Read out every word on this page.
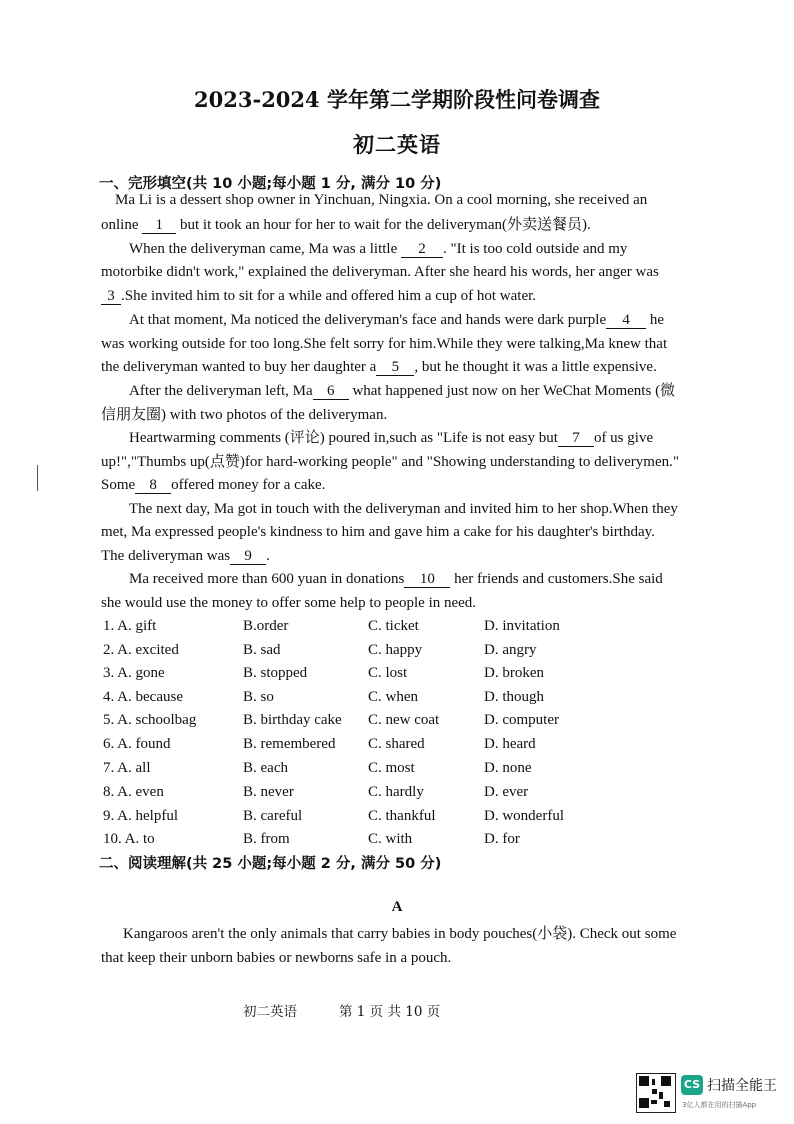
2023-2024 学年第二学期阶段性问卷调查
初二英语
一、完形填空(共 10 小题;每小题 1 分, 满分 10 分)
Ma Li is a dessert shop owner in Yinchuan, Ningxia. On a cool morning, she received an
online 1 but it took an hour for her to wait for the deliveryman(外卖送餐员).
When the deliveryman came, Ma was a little 2 . "It is too cold outside and my
motorbike didn't work," explained the deliveryman. After she heard his words, her anger was
3 .She invited him to sit for a while and offered him a cup of hot water.
At that moment, Ma noticed the deliveryman's face and hands were dark purple 4 he
was working outside for too long.She felt sorry for him.While they were talking,Ma knew that
the deliveryman wanted to buy her daughter a 5 , but he thought it was a little expensive.
After the deliveryman left, Ma 6 what happened just now on her WeChat Moments (微
信朋友圈) with two photos of the deliveryman.
Heartwarming comments (评论) poured in,such as "Life is not easy but 7 of us give
up!","Thumbs up(点赞)for hard-working people" and "Showing understanding to deliverymen."
Some 8 offered money for a cake.
The next day, Ma got in touch with the deliveryman and invited him to her shop.When they
met, Ma expressed people's kindness to him and gave him a cake for his daughter's birthday.
The deliveryman was 9 .
Ma received more than 600 yuan in donations 10 her friends and customers.She said
she would use the money to offer some help to people in need.
1. A. gift	B.order	C. ticket	D. invitation
2. A. excited	B. sad	C. happy	D. angry
3. A. gone	B. stopped	C. lost	D. broken
4. A. because	B. so	C. when	D. though
5. A. schoolbag	B. birthday cake C. new coat	D. computer
6. A. found	B. remembered C. shared	D. heard
7. A. all	B. each	C. most	D. none
8. A. even	B. never	C. hardly	D. ever
9. A. helpful	B. careful	C. thankful	D. wonderful
10. A. to	B. from	C. with	D. for
二、阅读理解(共 25 小题;每小题 2 分, 满分 50 分)
A
Kangaroos aren't the only animals that carry babies in body pouches(小袋). Check out some
that keep their unborn babies or newborns safe in a pouch.
初二英语	第 1 页 共 10 页
CS 扫描全能王
3亿人都在用的扫描App
